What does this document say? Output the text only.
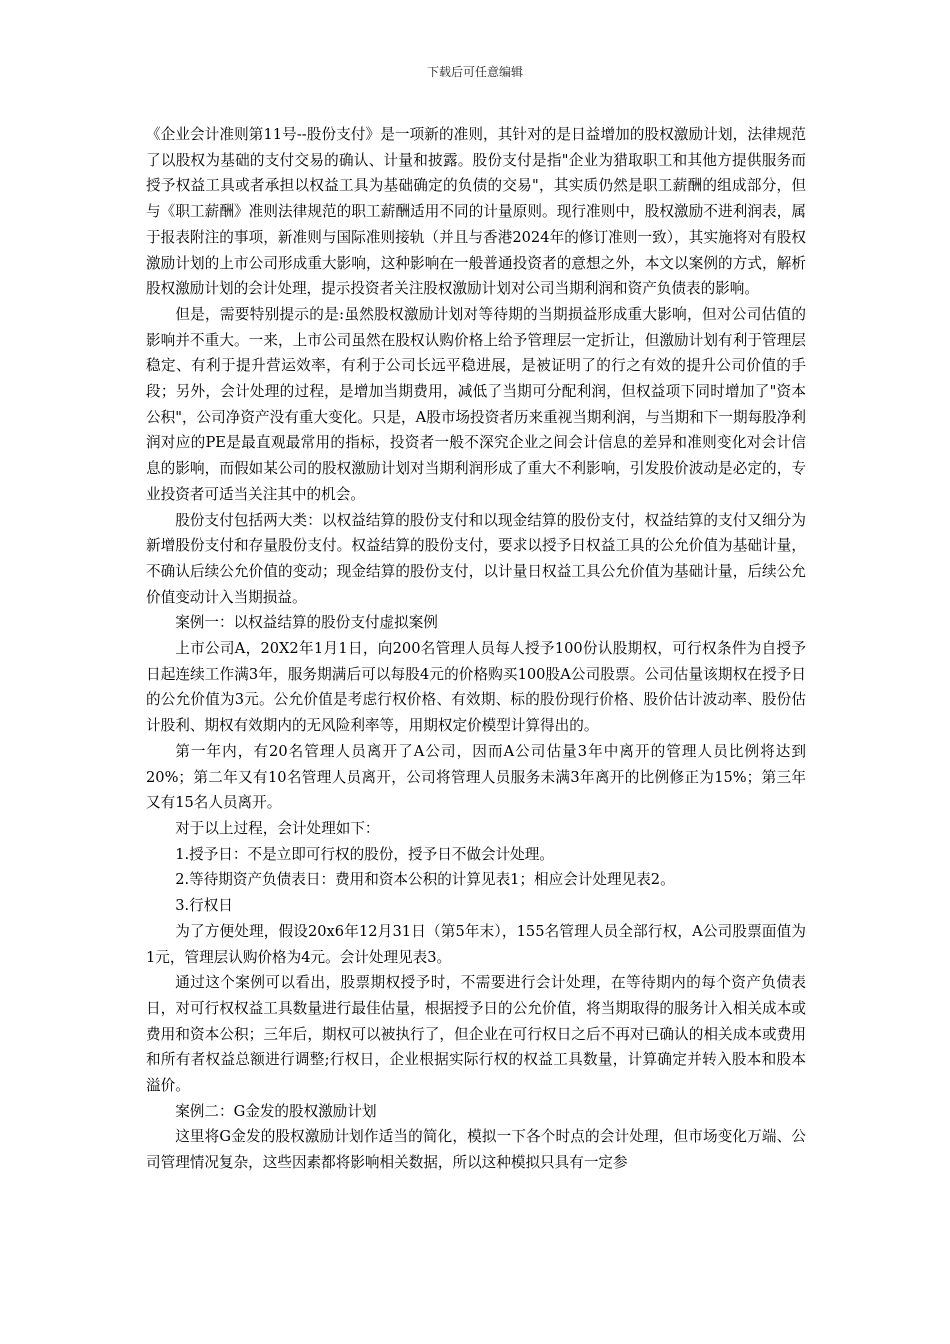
下载后可任意编辑

《企业会计准则第11号--股份支付》是一项新的准则，其针对的是日益增加的股权激励计划，法律规范了以股权为基础的支付交易的确认、计量和披露。股份支付是指"企业为猎取职工和其他方提供服务而授予权益工具或者承担以权益工具为基础确定的负债的交易"，其实质仍然是职工薪酬的组成部分，但与《职工薪酬》准则法律规范的职工薪酬适用不同的计量原则。现行准则中，股权激励不进利润表，属于报表附注的事项，新准则与国际准则接轨（并且与香港2024年的修订准则一致），其实施将对有股权激励计划的上市公司形成重大影响，这种影响在一般普通投资者的意想之外，本文以案例的方式，解析股权激励计划的会计处理，提示投资者关注股权激励计划对公司当期利润和资产负债表的影响。

但是，需要特别提示的是:虽然股权激励计划对等待期的当期损益形成重大影响，但对公司估值的影响并不重大。一来，上市公司虽然在股权认购价格上给予管理层一定折让，但激励计划有利于管理层稳定、有利于提升营运效率，有利于公司长远平稳进展，是被证明了的行之有效的提升公司价值的手段；另外，会计处理的过程，是增加当期费用，减低了当期可分配利润，但权益项下同时增加了"资本公积"，公司净资产没有重大变化。只是，A股市场投资者历来重视当期利润，与当期和下一期每股净利润对应的PE是最直观最常用的指标，投资者一般不深究企业之间会计信息的差异和准则变化对会计信息的影响，而假如某公司的股权激励计划对当期利润形成了重大不利影响，引发股价波动是必定的，专业投资者可适当关注其中的机会。

股份支付包括两大类：以权益结算的股份支付和以现金结算的股份支付，权益结算的支付又细分为新增股份支付和存量股份支付。权益结算的股份支付，要求以授予日权益工具的公允价值为基础计量，不确认后续公允价值的变动；现金结算的股份支付，以计量日权益工具公允价值为基础计量，后续公允价值变动计入当期损益。

案例一：以权益结算的股份支付虚拟案例

上市公司A，20X2年1月1日，向200名管理人员每人授予100份认股期权，可行权条件为自授予日起连续工作满3年，服务期满后可以每股4元的价格购买100股A公司股票。公司估量该期权在授予日的公允价值为3元。公允价值是考虑行权价格、有效期、标的股份现行价格、股价估计波动率、股份估计股利、期权有效期内的无风险利率等，用期权定价模型计算得出的。

第一年内，有20名管理人员离开了A公司，因而A公司估量3年中离开的管理人员比例将达到20%；第二年又有10名管理人员离开，公司将管理人员服务未满3年离开的比例修正为15%；第三年又有15名人员离开。

对于以上过程，会计处理如下：

1.授予日：不是立即可行权的股份，授予日不做会计处理。

2.等待期资产负债表日：费用和资本公积的计算见表1；相应会计处理见表2。

3.行权日

为了方便处理，假设20x6年12月31日（第5年末），155名管理人员全部行权，A公司股票面值为1元，管理层认购价格为4元。会计处理见表3。

通过这个案例可以看出，股票期权授予时，不需要进行会计处理，在等待期内的每个资产负债表日，对可行权权益工具数量进行最佳估量，根据授予日的公允价值，将当期取得的服务计入相关成本或费用和资本公积；三年后，期权可以被执行了，但企业在可行权日之后不再对已确认的相关成本或费用和所有者权益总额进行调整;行权日，企业根据实际行权的权益工具数量，计算确定并转入股本和股本溢价。

案例二：G金发的股权激励计划

这里将G金发的股权激励计划作适当的简化，模拟一下各个时点的会计处理，但市场变化万端、公司管理情况复杂，这些因素都将影响相关数据，所以这种模拟只具有一定参
